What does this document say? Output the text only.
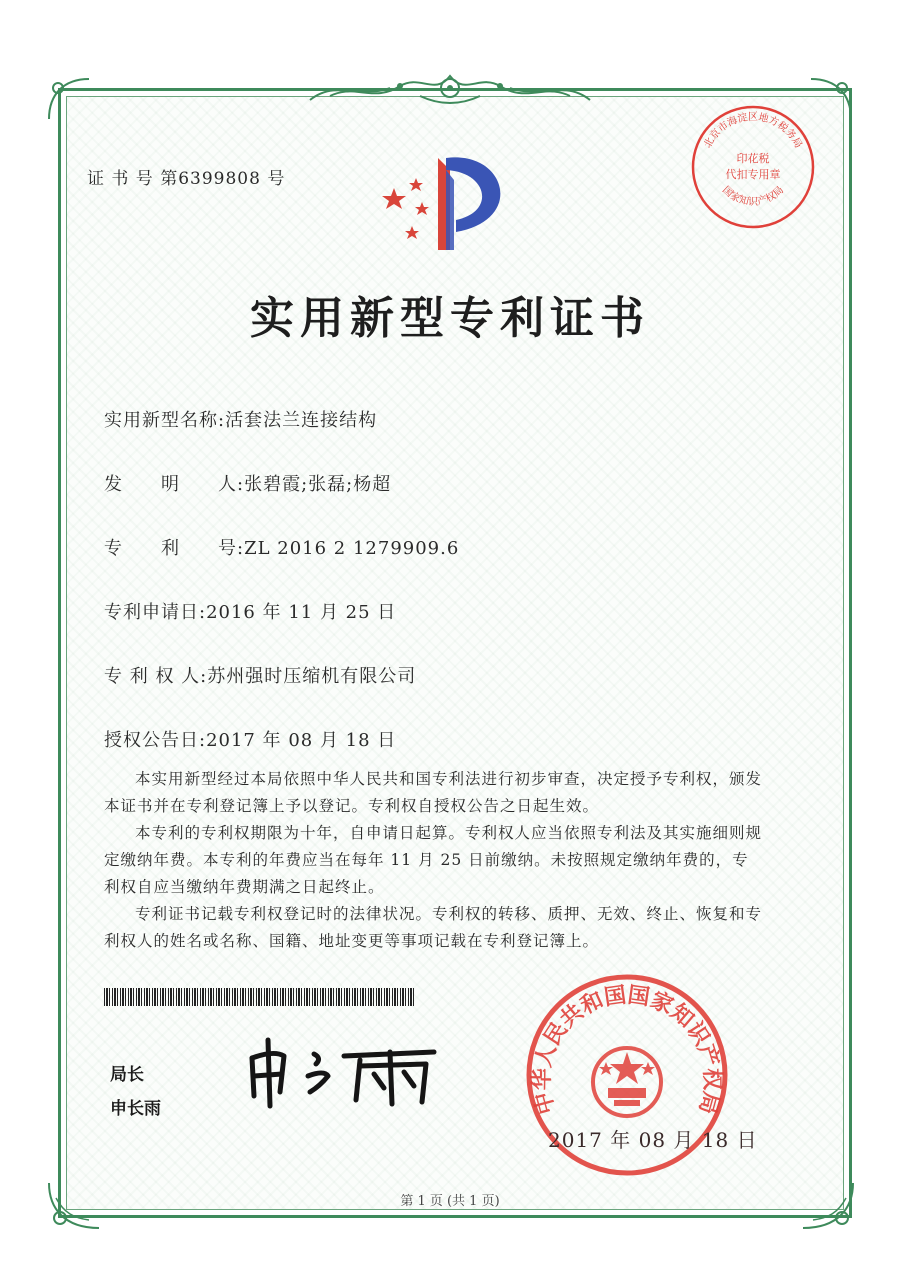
北京市海淀区地方税务局
国家知识产权局
印花税
代扣专用章
证 书 号 第6399808 号
实用新型专利证书
实用新型名称:活套法兰连接结构
发　　明　　人:张碧霞;张磊;杨超
专　　利　　号:ZL 2016 2 1279909.6
专利申请日:2016 年 11 月 25 日
专 利 权 人:苏州强时压缩机有限公司
授权公告日:2017 年 08 月 18 日

本实用新型经过本局依照中华人民共和国专利法进行初步审查，决定授予专利权，颁发本证书并在专利登记簿上予以登记。专利权自授权公告之日起生效。

本专利的专利权期限为十年，自申请日起算。专利权人应当依照专利法及其实施细则规定缴纳年费。本专利的年费应当在每年 11 月 25 日前缴纳。未按照规定缴纳年费的，专利权自应当缴纳年费期满之日起终止。

专利证书记载专利权登记时的法律状况。专利权的转移、质押、无效、终止、恢复和专利权人的姓名或名称、国籍、地址变更等事项记载在专利登记簿上。

局长
申长雨	中华人民共和国国家知识产权局
2017 年 08 月 18 日
第 1 页 (共 1 页)
